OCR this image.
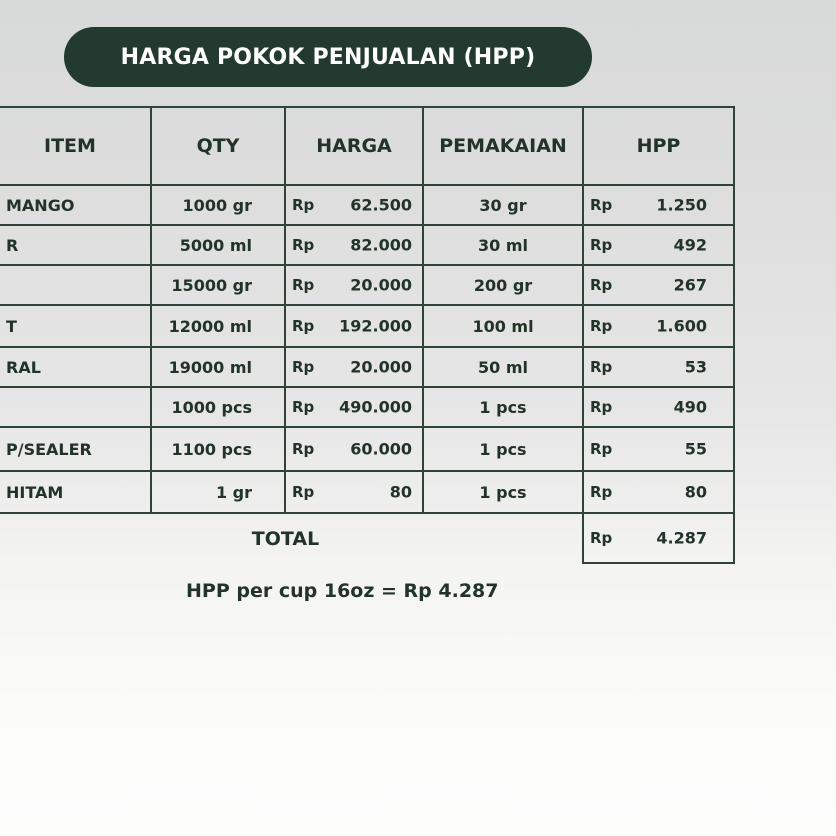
HARGA POKOK PENJUALAN (HPP)
ITEM	QTY	HARGA	PEMAKAIAN	HPP
MANGO	1000 gr	Rp 62.500	30 gr	Rp 1.250

R	5000 ml	Rp 82.000	30 ml	Rp 492

	15000 gr	Rp 20.000	200 gr	Rp 267

T	12000 ml	Rp 192.000	100 ml	Rp 1.600

RAL	19000 ml	Rp 20.000	50 ml	Rp 53

	1000 pcs	Rp 490.000	1 pcs	Rp 490

P/SEALER	1100 pcs	Rp 60.000	1 pcs	Rp 55

HITAM	1 gr	Rp 80	1 pcs	Rp 80

TOTAL				Rp 4.287
HPP per cup 16oz = Rp 4.287
